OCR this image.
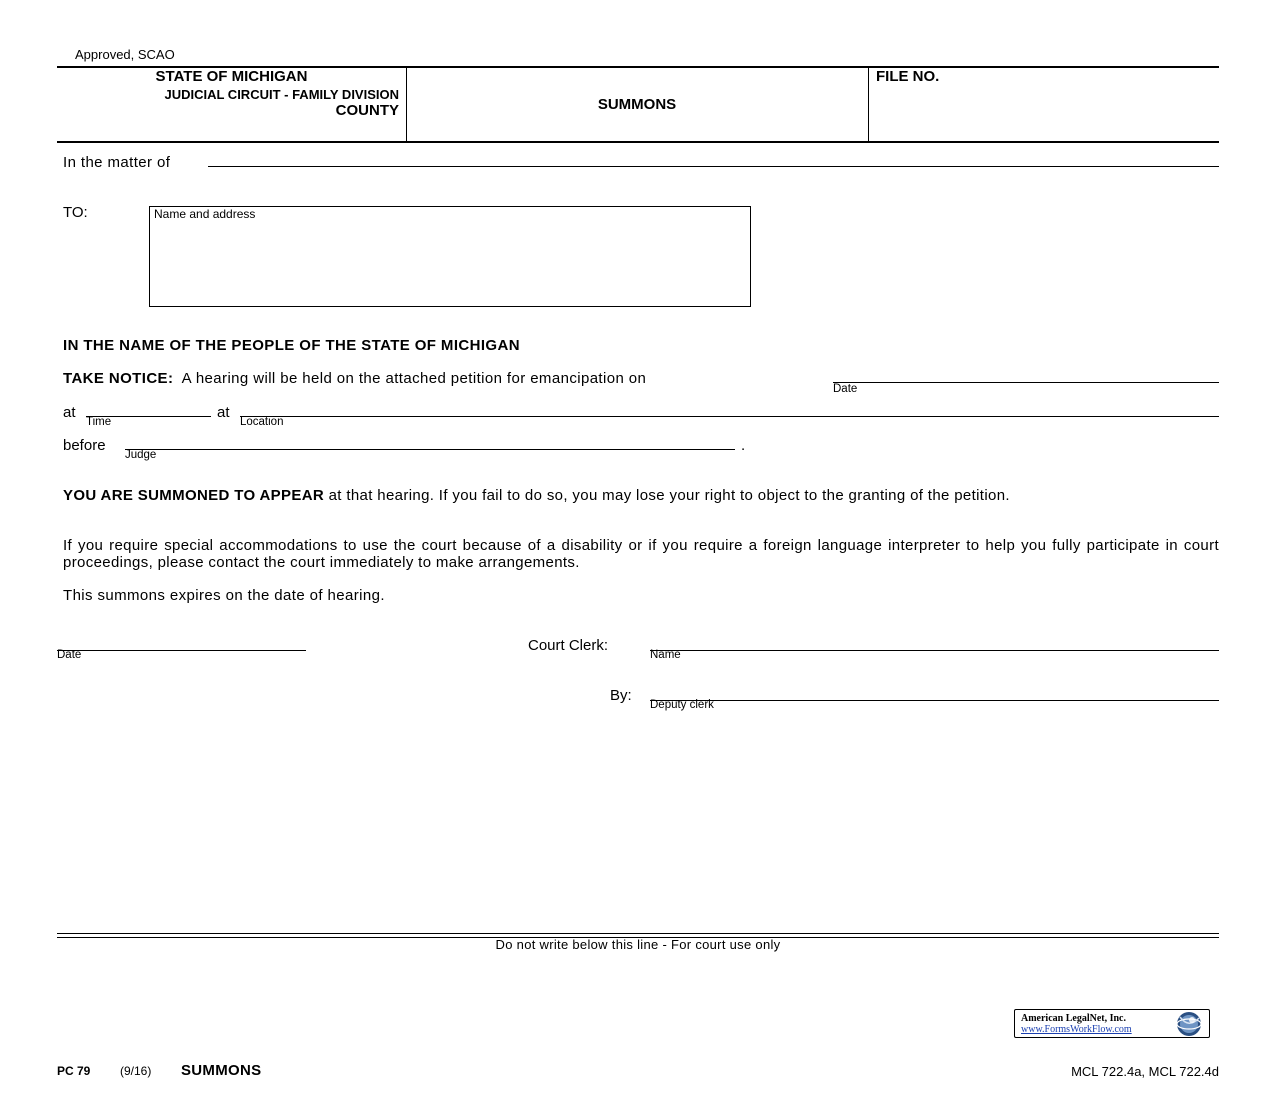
Approved, SCAO
STATE OF MICHIGAN
JUDICIAL CIRCUIT - FAMILY DIVISION
COUNTY	SUMMONS
FILE NO.
In the matter of
TO:	Name and address
IN THE NAME OF THE PEOPLE OF THE STATE OF MICHIGAN
TAKE NOTICE: A hearing will be held on the attached petition for emancipation on
Date
at
Time
at
Location
before
Judge
.
YOU ARE SUMMONED TO APPEAR at that hearing. If you fail to do so, you may lose your right to object to the granting of the petition.
If you require special accommodations to use the court because of a disability or if you require a foreign language interpreter to help you fully participate in court proceedings, please contact the court immediately to make arrangements.
This summons expires on the date of hearing.
Date
Court Clerk:
Name
By:
Deputy clerk
Do not write below this line - For court use only
American LegalNet, Inc.
www.FormsWorkFlow.com
PC 79 (9/16) SUMMONS	MCL 722.4a, MCL 722.4d
